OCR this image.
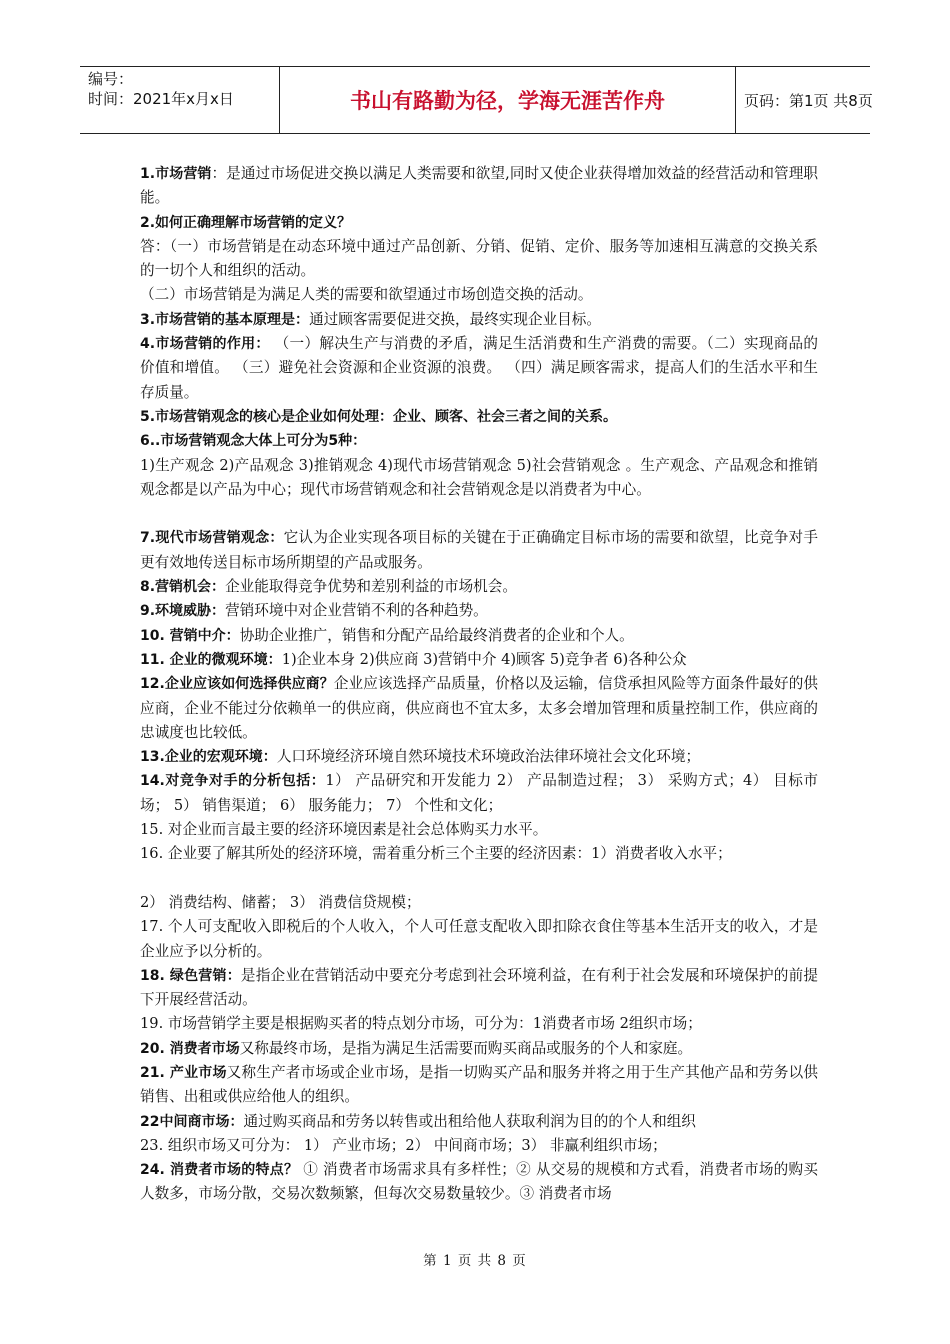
编号：
时间：2021年x月x日	书山有路勤为径，学海无涯苦作舟	页码：第1页 共8页

1.市场营销：是通过市场促进交换以满足人类需要和欲望,同时又使企业获得增加效益的经营活动和管理职能。

2.如何正确理解市场营销的定义？

答：（一）市场营销是在动态环境中通过产品创新、分销、促销、定价、服务等加速相互满意的交换关系的一切个人和组织的活动。

（二）市场营销是为满足人类的需要和欲望通过市场创造交换的活动。

3.市场营销的基本原理是：通过顾客需要促进交换，最终实现企业目标。

4.市场营销的作用： （一）解决生产与消费的矛盾，满足生活消费和生产消费的需要。（二）实现商品的价值和增值。 （三）避免社会资源和企业资源的浪费。 （四）满足顾客需求，提高人们的生活水平和生存质量。

5.市场营销观念的核心是企业如何处理：企业、顾客、社会三者之间的关系。

6..市场营销观念大体上可分为5种：

1)生产观念 2)产品观念 3)推销观念 4)现代市场营销观念 5)社会营销观念 。生产观念、产品观念和推销观念都是以产品为中心；现代市场营销观念和社会营销观念是以消费者为中心。

7.现代市场营销观念：它认为企业实现各项目标的关键在于正确确定目标市场的需要和欲望，比竞争对手更有效地传送目标市场所期望的产品或服务。

8.营销机会：企业能取得竞争优势和差别利益的市场机会。

9.环境威胁：营销环境中对企业营销不利的各种趋势。

10. 营销中介：协助企业推广，销售和分配产品给最终消费者的企业和个人。

11. 企业的微观环境：1)企业本身 2)供应商 3)营销中介 4)顾客 5)竞争者 6)各种公众

12.企业应该如何选择供应商？企业应该选择产品质量，价格以及运输，信贷承担风险等方面条件最好的供应商，企业不能过分依赖单一的供应商，供应商也不宜太多，太多会增加管理和质量控制工作，供应商的忠诚度也比较低。

13.企业的宏观环境：人口环境经济环境自然环境技术环境政治法律环境社会文化环境；

14.对竞争对手的分析包括：1） 产品研究和开发能力 2） 产品制造过程； 3） 采购方式；4） 目标市场； 5） 销售渠道； 6） 服务能力； 7） 个性和文化；

15. 对企业而言最主要的经济环境因素是社会总体购买力水平。

16. 企业要了解其所处的经济环境，需着重分析三个主要的经济因素：1）消费者收入水平；

2） 消费结构、储蓄； 3） 消费信贷规模；

17. 个人可支配收入即税后的个人收入，个人可任意支配收入即扣除衣食住等基本生活开支的收入，才是企业应予以分析的。

18. 绿色营销：是指企业在营销活动中要充分考虑到社会环境利益，在有利于社会发展和环境保护的前提下开展经营活动。

19. 市场营销学主要是根据购买者的特点划分市场，可分为：1消费者市场 2组织市场；

20. 消费者市场又称最终市场，是指为满足生活需要而购买商品或服务的个人和家庭。

21. 产业市场又称生产者市场或企业市场，是指一切购买产品和服务并将之用于生产其他产品和劳务以供销售、出租或供应给他人的组织。

22中间商市场：通过购买商品和劳务以转售或出租给他人获取利润为目的的个人和组织

23. 组织市场又可分为： 1） 产业市场；2） 中间商市场；3） 非赢利组织市场；

24. 消费者市场的特点？ ① 消费者市场需求具有多样性；② 从交易的规模和方式看，消费者市场的购买人数多，市场分散，交易次数频繁，但每次交易数量较少。③ 消费者市场

第 1 页 共 8 页
